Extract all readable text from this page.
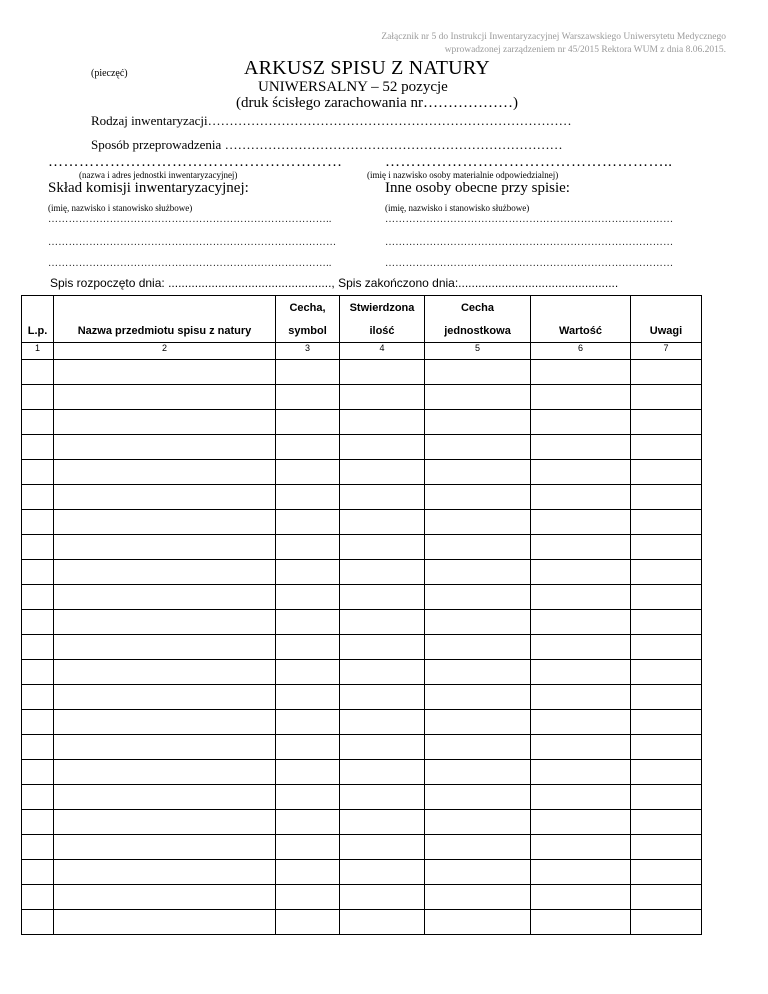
Załącznik nr 5 do Instrukcji Inwentaryzacyjnej Warszawskiego Uniwersytetu Medycznego
wprowadzonej zarządzeniem nr 45/2015 Rektora WUM z dnia 8.06.2015.
(pieczęć)	ARKUSZ SPISU Z NATURY
UNIWERSALNY – 52 pozycje
(druk ścisłego zarachowania nr………………)
Rodzaj inwentaryzacji…………………………………………………………………………
Sposób przeprowadzenia ……………………………………………………………………
…………………………………………………
(nazwa i adres jednostki inwentaryzacyjnej)
………………………………………………..
(imię i nazwisko osoby materialnie odpowiedzialnej)
Skład komisji inwentaryzacyjnej:
(imię, nazwisko i stanowisko służbowe)
………………………………………………………………………..
…………………………………………………………………………
………………………………………………………………………..
Inne osoby obecne przy spisie:
(imię, nazwisko i stanowisko służbowe)
…………………………………………………………………………
…………………………………………………………………………
…………………………………………………………………………
Spis rozpoczęto dnia: ................................................., Spis zakończono dnia:................................................
		Cecha,	Stwierdzona	Cecha		
L.p.	Nazwa przedmiotu spisu z natury	symbol	ilość	jednostkowa	Wartość	Uwagi
1	2	3	4	5	6	7
